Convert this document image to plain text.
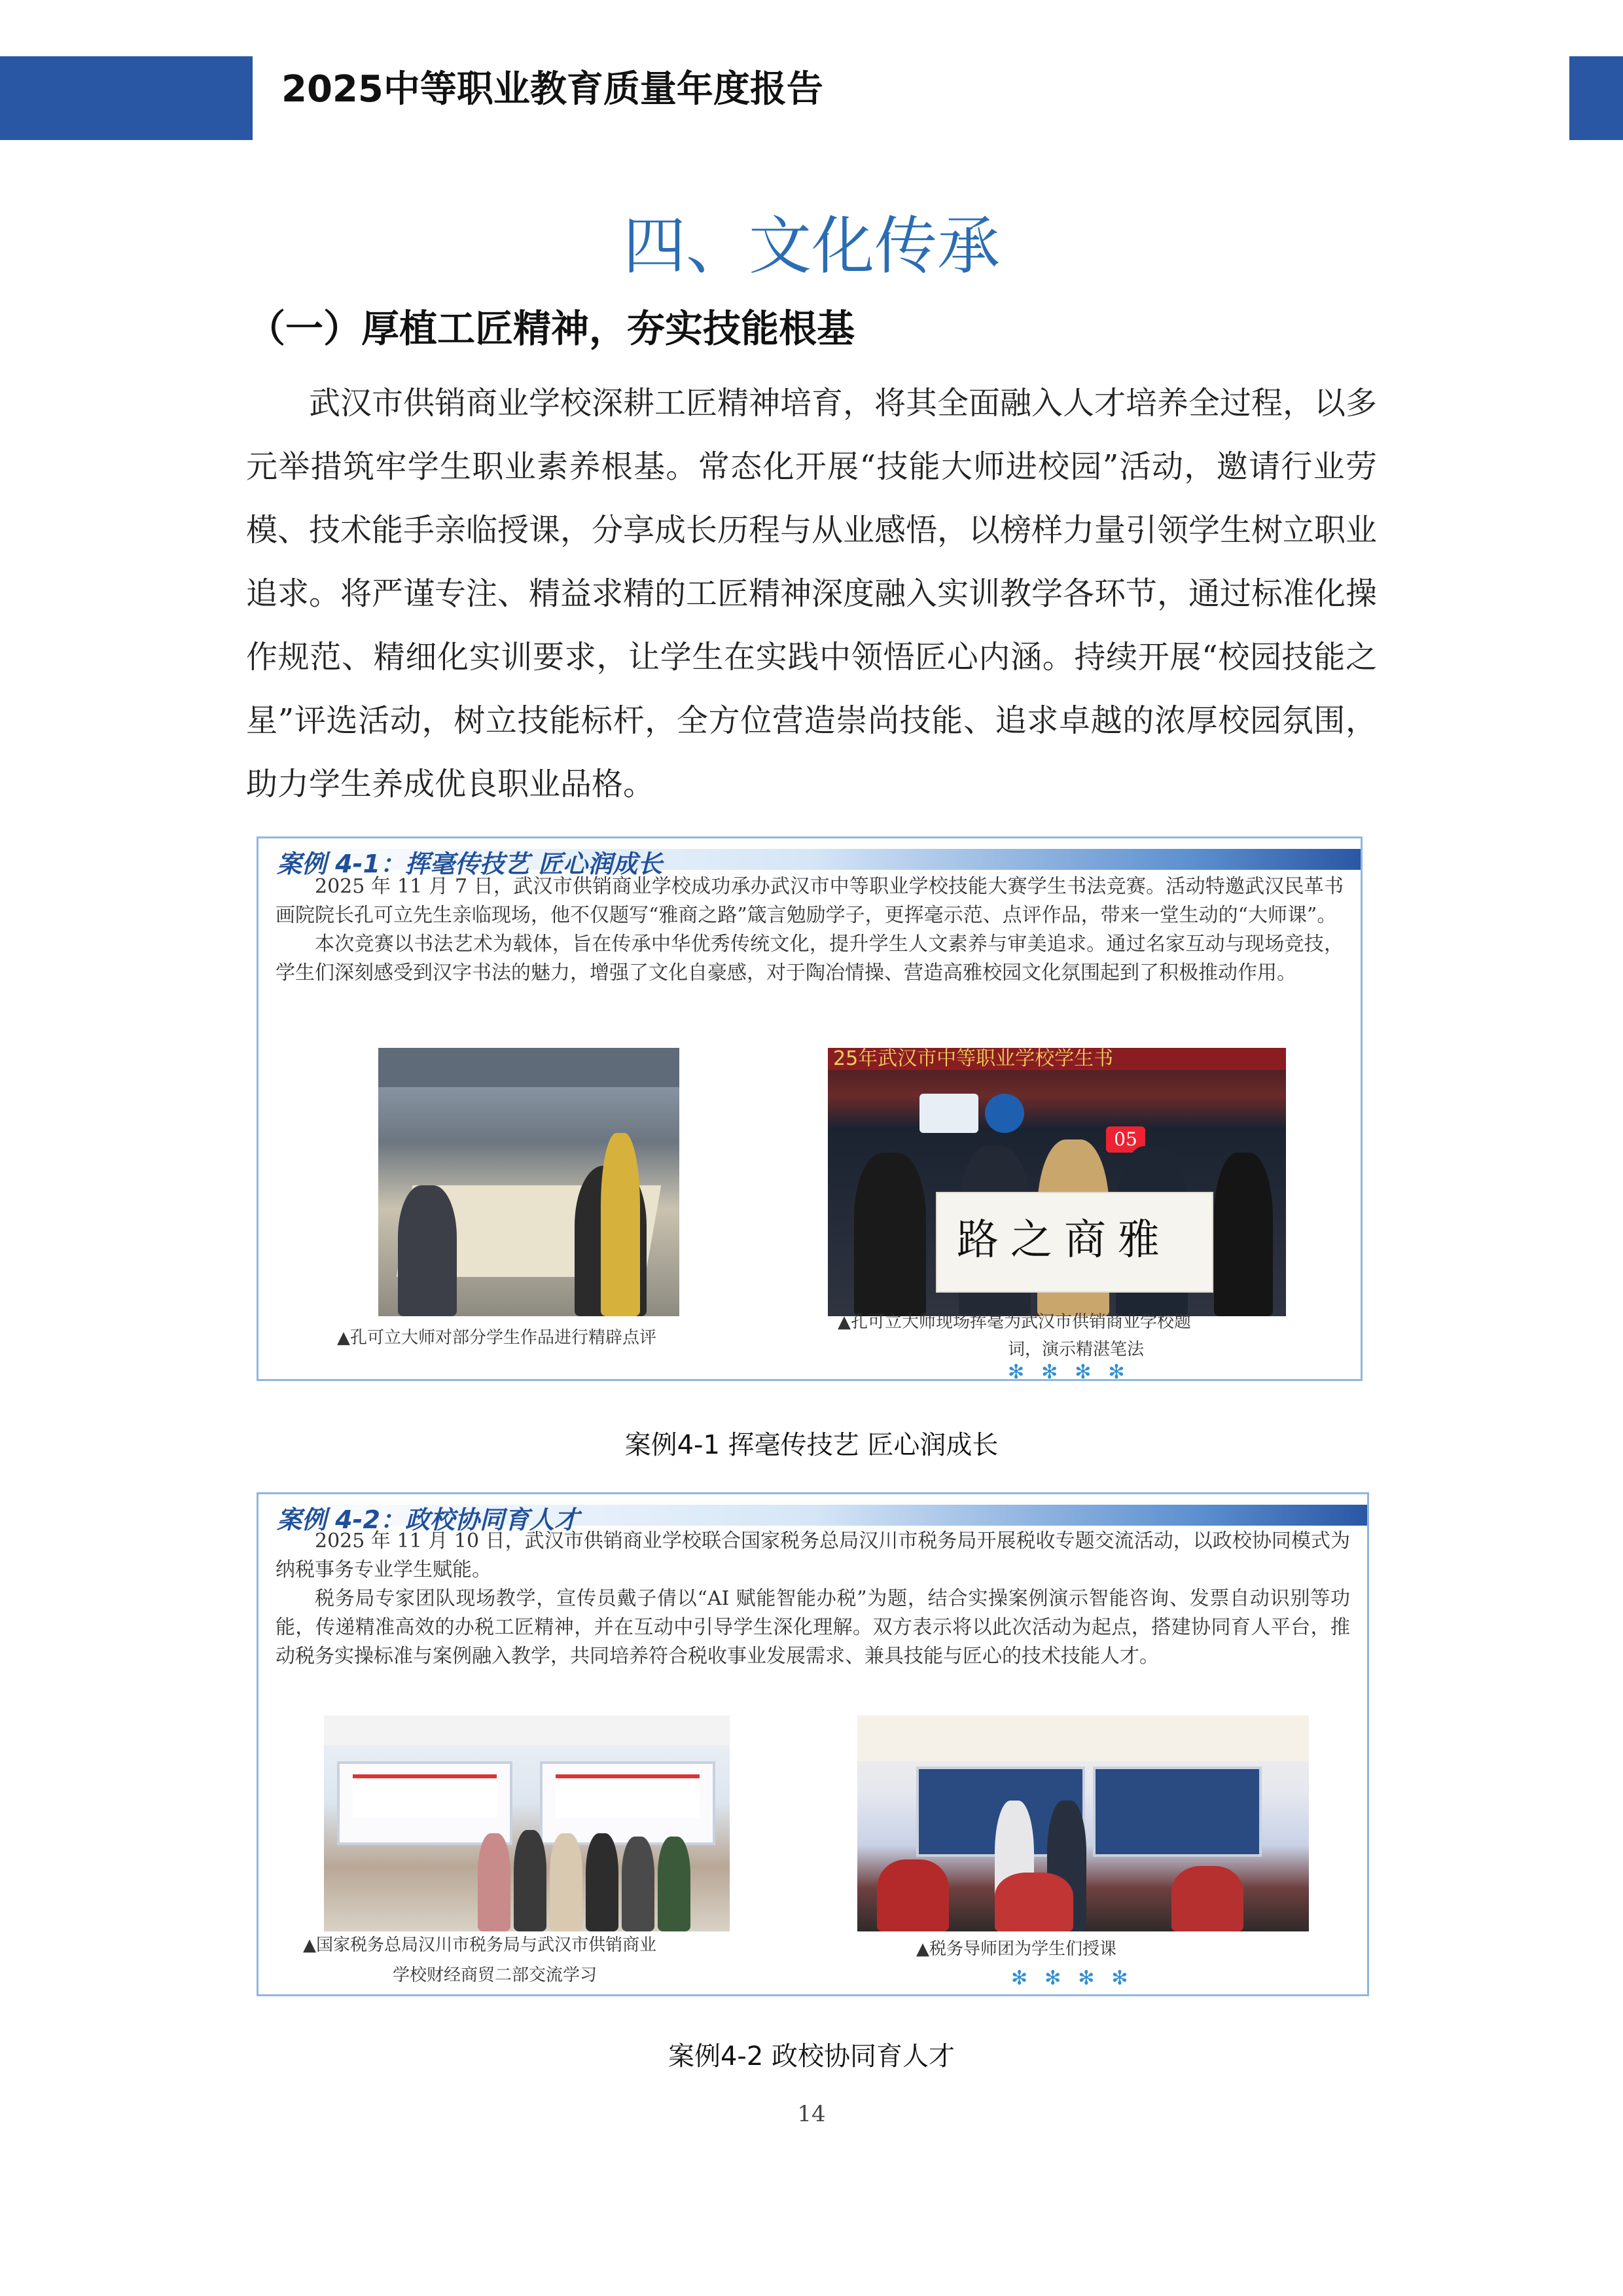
2025中等职业教育质量年度报告
四、文化传承
（一）厚植工匠精神，夯实技能根基

武汉市供销商业学校深耕工匠精神培育，将其全面融入人才培养全过程，以多元举措筑牢学生职业素养根基。常态化开展“技能大师进校园”活动，邀请行业劳模、技术能手亲临授课，分享成长历程与从业感悟，以榜样力量引领学生树立职业追求。将严谨专注、精益求精的工匠精神深度融入实训教学各环节，通过标准化操作规范、精细化实训要求，让学生在实践中领悟匠心内涵。持续开展“校园技能之星”评选活动，树立技能标杆，全方位营造崇尚技能、追求卓越的浓厚校园氛围，助力学生养成优良职业品格。

案例 4-1：挥毫传技艺 匠心润成长

2025 年 11 月 7 日，武汉市供销商业学校成功承办武汉市中等职业学校技能大赛学生书法竞赛。活动特邀武汉民革书画院院长孔可立先生亲临现场，他不仅题写“雅商之路”箴言勉励学子，更挥毫示范、点评作品，带来一堂生动的“大师课”。

本次竞赛以书法艺术为载体，旨在传承中华优秀传统文化，提升学生人文素养与审美追求。通过名家互动与现场竞技，学生们深刻感受到汉字书法的魅力，增强了文化自豪感，对于陶冶情操、营造高雅校园文化氛围起到了积极推动作用。

25年武汉市中等职业学校学生书
05
路之商雅
▲孔可立大师对部分学生作品进行精辟点评
▲孔可立大师现场挥毫为武汉市供销商业学校题
词，演示精湛笔法
✻✻✻✻
案例4-1 挥毫传技艺 匠心润成长
案例 4-2：政校协同育人才

2025 年 11 月 10 日，武汉市供销商业学校联合国家税务总局汉川市税务局开展税收专题交流活动，以政校协同模式为纳税事务专业学生赋能。

税务局专家团队现场教学，宣传员戴子倩以“AI 赋能智能办税”为题，结合实操案例演示智能咨询、发票自动识别等功能，传递精准高效的办税工匠精神，并在互动中引导学生深化理解。双方表示将以此次活动为起点，搭建协同育人平台，推动税务实操标准与案例融入教学，共同培养符合税收事业发展需求、兼具技能与匠心的技术技能人才。

▲国家税务总局汉川市税务局与武汉市供销商业
学校财经商贸二部交流学习
▲税务导师团为学生们授课
✻✻✻✻
案例4-2 政校协同育人才
14
